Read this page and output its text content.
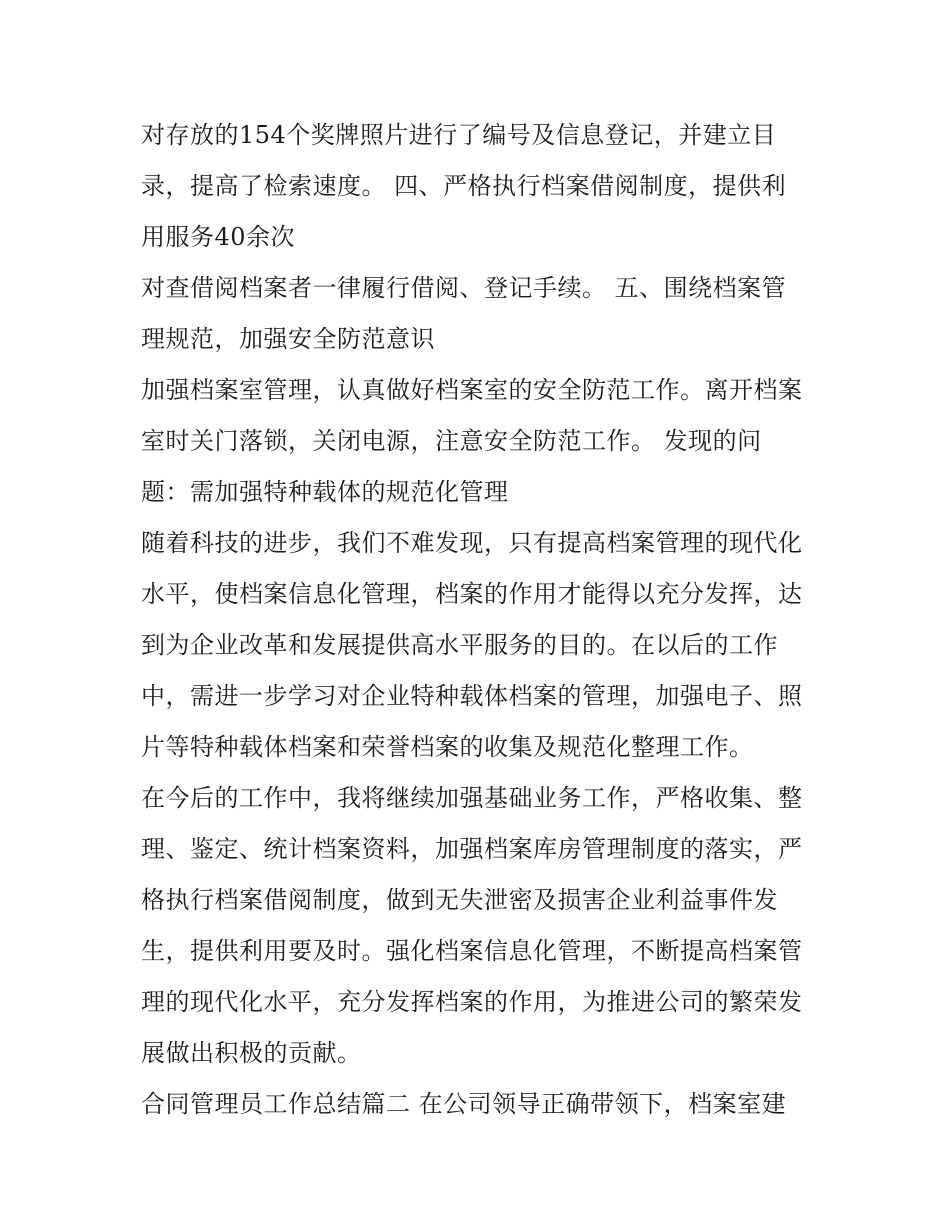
对存放的154个奖牌照片进行了编号及信息登记，并建立目
录，提高了检索速度。 四、严格执行档案借阅制度，提供利
用服务40余次
对查借阅档案者一律履行借阅、登记手续。 五、围绕档案管
理规范，加强安全防范意识
加强档案室管理，认真做好档案室的安全防范工作。离开档案
室时关门落锁，关闭电源，注意安全防范工作。 发现的问
题：需加强特种载体的规范化管理
随着科技的进步，我们不难发现，只有提高档案管理的现代化
水平，使档案信息化管理，档案的作用才能得以充分发挥，达
到为企业改革和发展提供高水平服务的目的。在以后的工作
中，需进一步学习对企业特种载体档案的管理，加强电子、照
片等特种载体档案和荣誉档案的收集及规范化整理工作。
在今后的工作中，我将继续加强基础业务工作，严格收集、整
理、鉴定、统计档案资料，加强档案库房管理制度的落实，严
格执行档案借阅制度，做到无失泄密及损害企业利益事件发
生，提供利用要及时。强化档案信息化管理，不断提高档案管
理的现代化水平，充分发挥档案的作用，为推进公司的繁荣发
展做出积极的贡献。
合同管理员工作总结篇二 在公司领导正确带领下，档案室建
